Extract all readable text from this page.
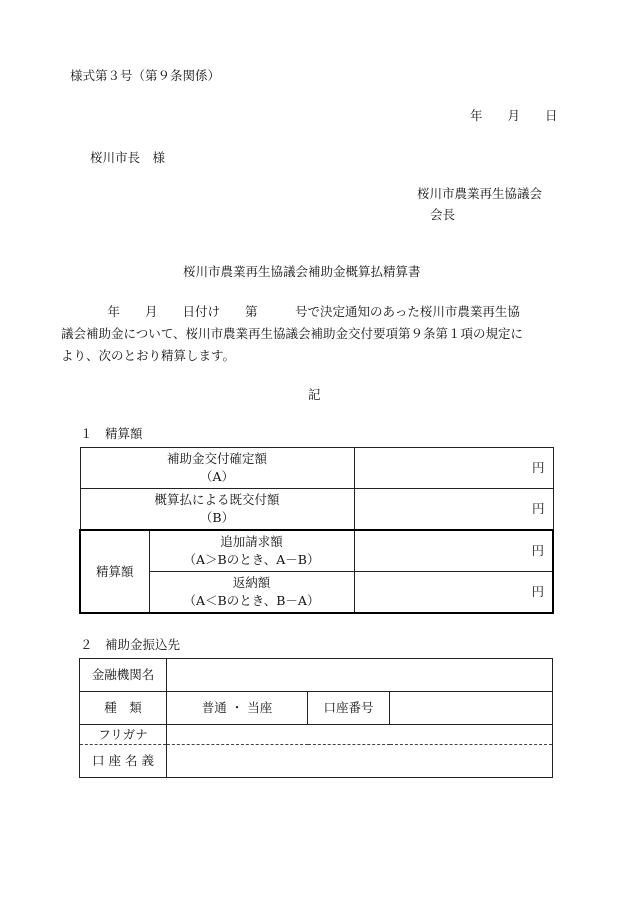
様式第３号（第９条関係）
年　　月　　日
桜川市長　様
桜川市農業再生協議会
会長
桜川市農業再生協議会補助金概算払精算書
　　　年　　月　　日付け　　第　　　号で決定通知のあった桜川市農業再生協
議会補助金について、桜川市農業再生協議会補助金交付要項第９条第１項の規定に
より、次のとおり精算します。
記
１　精算額
補助金交付確定額
（A）		円

概算払による既交付額
（B）		円
精算額	追加請求額
（A＞Bのとき、A－B）	円

	返納額
（A＜Bのとき、B－A）	円
２　補助金振込先
金融機関名			
種　類	普通 ・ 当座	口座番号	
フリガナ			
口 座 名 義			
